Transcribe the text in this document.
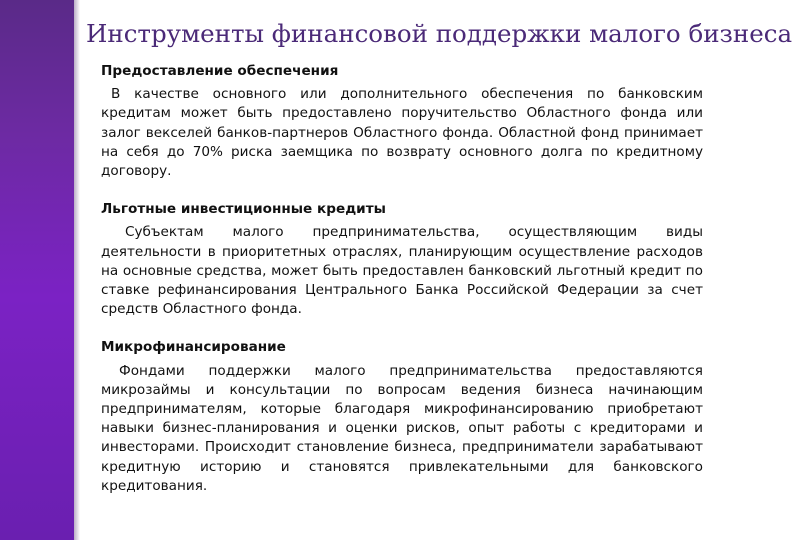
Инструменты финансовой поддержки малого бизнеса
Предоставление обеспечения

В качестве основного или дополнительного обеспечения по банковским кредитам может быть предоставлено поручительство Областного фонда или залог векселей банков-партнеров Областного фонда. Областной фонд принимает на себя до 70% риска заемщика по возврату основного долга по кредитному договору.

Льготные инвестиционные кредиты

Субъектам малого предпринимательства, осуществляющим виды деятельности в приоритетных отраслях, планирующим осуществление расходов на основные средства, может быть предоставлен банковский льготный кредит по ставке рефинансирования Центрального Банка Российской Федерации за счет средств Областного фонда.

Микрофинансирование

Фондами поддержки малого предпринимательства предоставляются микрозаймы и консультации по вопросам ведения бизнеса начинающим предпринимателям, которые благодаря микрофинансированию приобретают навыки бизнес-планирования и оценки рисков, опыт работы с кредиторами и инвесторами. Происходит становление бизнеса, предприниматели зарабатывают кредитную историю и становятся привлекательными для банковского кредитования.
